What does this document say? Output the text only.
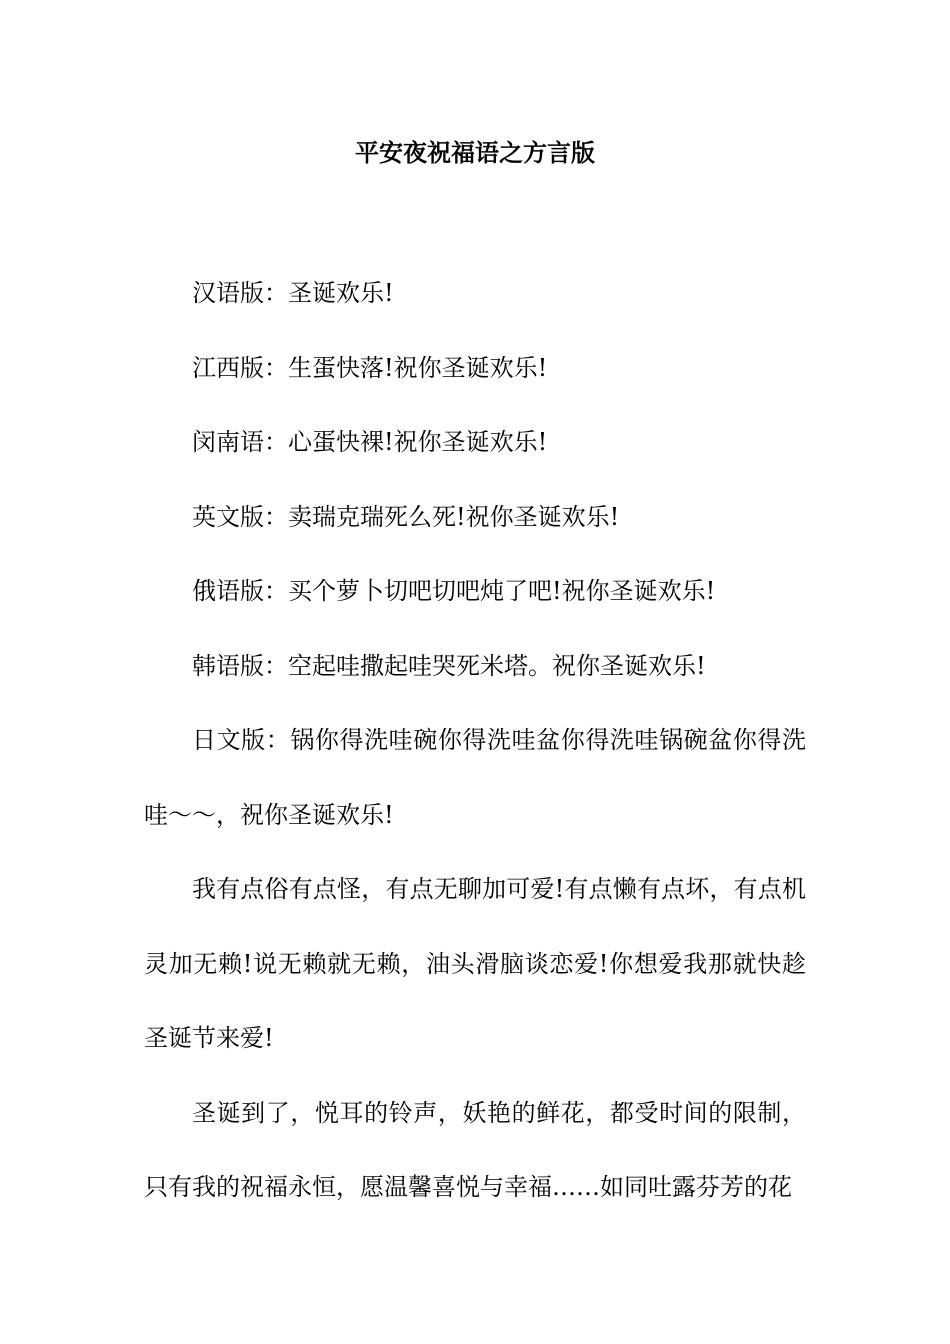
平安夜祝福语之方言版

汉语版：圣诞欢乐!

江西版：生蛋快落!祝你圣诞欢乐!

闵南语：心蛋快裸!祝你圣诞欢乐!

英文版：卖瑞克瑞死么死!祝你圣诞欢乐!

俄语版：买个萝卜切吧切吧炖了吧!祝你圣诞欢乐!

韩语版：空起哇撒起哇哭死米塔。祝你圣诞欢乐!

日文版：锅你得洗哇碗你得洗哇盆你得洗哇锅碗盆你得洗哇～～，祝你圣诞欢乐!

我有点俗有点怪，有点无聊加可爱!有点懒有点坏，有点机灵加无赖!说无赖就无赖，油头滑脑谈恋爱!你想爱我那就快趁圣诞节来爱!

圣诞到了，悦耳的铃声，妖艳的鲜花，都受时间的限制，只有我的祝福永恒，愿温馨喜悦与幸福……如同吐露芬芳的花
